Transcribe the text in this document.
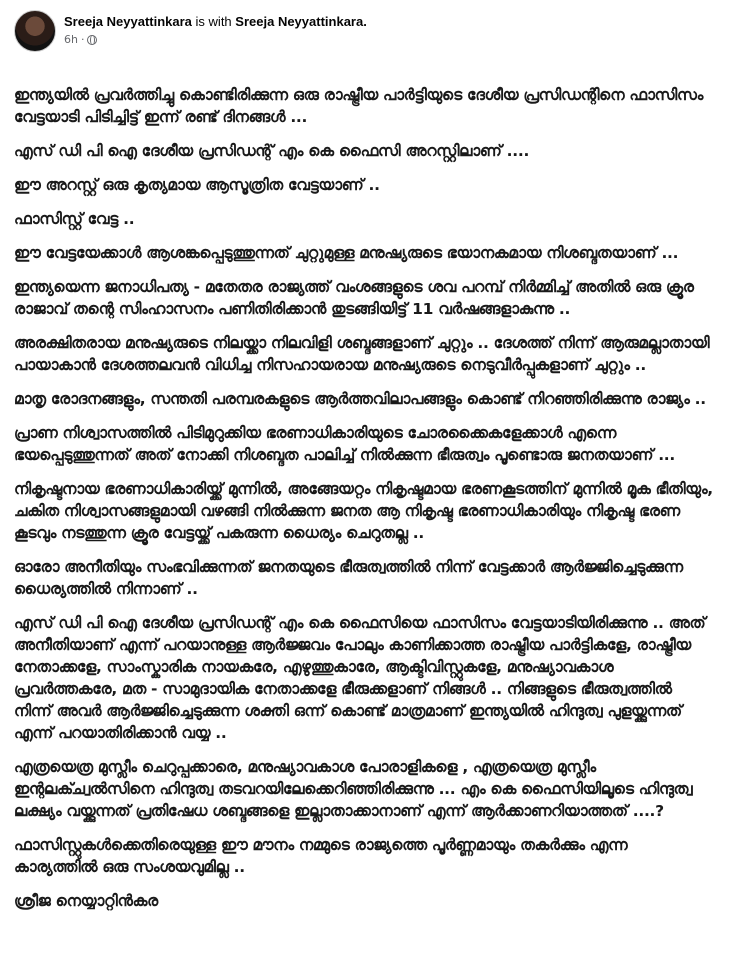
Sreeja Neyyattinkara is with Sreeja Neyyattinkara.
6h ·

ഇന്ത്യയിൽ പ്രവർത്തിച്ചു കൊണ്ടിരിക്കുന്ന ഒരു രാഷ്ട്രീയ പാർട്ടിയുടെ ദേശീയ പ്രസിഡന്റിനെ ഫാസിസം വേട്ടയാടി പിടിച്ചിട്ട് ഇന്ന് രണ്ട് ദിനങ്ങൾ ...

എസ് ഡി പി ഐ ദേശീയ പ്രസിഡന്റ് എം കെ ഫൈസി അറസ്റ്റിലാണ് ....

ഈ അറസ്റ്റ് ഒരു കൃത്യമായ ആസൂത്രിത വേട്ടയാണ് ..

ഫാസിസ്റ്റ് വേട്ട ..

ഈ വേട്ടയേക്കാൾ ആശങ്കപ്പെടുത്തുന്നത് ചുറ്റുമുള്ള മനുഷ്യരുടെ ഭയാനകമായ നിശബ്ദതയാണ് ...

ഇന്ത്യയെന്ന ജനാധിപത്യ - മതേതര രാജ്യത്ത് വംശങ്ങളുടെ ശവ പറമ്പ് നിർമ്മിച്ച് അതിൽ ഒരു ക്രൂര രാജാവ് തന്റെ സിംഹാസനം പണിതിരിക്കാൻ തുടങ്ങിയിട്ട് 11 വർഷങ്ങളാകുന്നു ..

അരക്ഷിതരായ മനുഷ്യരുടെ നിലയ്ക്കാ നിലവിളി ശബ്ദങ്ങളാണ് ചുറ്റും .. ദേശത്ത് നിന്ന് ആരുമല്ലാതായി പായാകാൻ ദേശത്തലവൻ വിധിച്ച നിസഹായരായ മനുഷ്യരുടെ നെടുവീർപ്പുകളാണ് ചുറ്റും ..

മാതൃ രോദനങ്ങളും, സന്തതി പരമ്പരകളുടെ ആർത്തവിലാപങ്ങളും കൊണ്ട് നിറഞ്ഞിരിക്കുന്നു രാജ്യം ..

പ്രാണ നിശ്വാസത്തിൽ പിടിമുറുക്കിയ ഭരണാധികാരിയുടെ ചോരക്കൈകളേക്കാൾ എന്നെ ഭയപ്പെടുത്തുന്നത് അത് നോക്കി നിശബ്ദത പാലിച്ച് നിൽക്കുന്ന ഭീരുത്വം പൂണ്ടൊരു ജനതയാണ് ...

നികൃഷ്ടനായ ഭരണാധികാരിയ്ക്ക് മുന്നിൽ, അങ്ങേയറ്റം നികൃഷ്ടമായ ഭരണകൂടത്തിന് മുന്നിൽ മൂക ഭീതിയും, ചകിത നിശ്വാസങ്ങളുമായി വഴങ്ങി നിൽക്കുന്ന ജനത ആ നികൃഷ്ട ഭരണാധികാരിയും നികൃഷ്ട ഭരണ കൂടവും നടത്തുന്ന ക്രൂര വേട്ടയ്ക്ക് പകരുന്ന ധൈര്യം ചെറുതല്ല ..

ഓരോ അനീതിയും സംഭവിക്കുന്നത് ജനതയുടെ ഭീരുത്വത്തിൽ നിന്ന് വേട്ടക്കാർ ആർജ്ജിച്ചെടുക്കുന്ന ധൈര്യത്തിൽ നിന്നാണ് ..

എസ് ഡി പി ഐ ദേശീയ പ്രസിഡന്റ് എം കെ ഫൈസിയെ ഫാസിസം വേട്ടയാടിയിരിക്കുന്നു .. അത് അനീതിയാണ് എന്ന് പറയാനുള്ള ആർജ്ജവം പോലും കാണിക്കാത്ത രാഷ്ട്രീയ പാർട്ടികളേ, രാഷ്ട്രീയ നേതാക്കളേ, സാംസ്കാരിക നായകരേ, എഴുത്തുകാരേ, ആക്ടിവിസ്റ്റുകളേ, മനുഷ്യാവകാശ പ്രവർത്തകരേ, മത - സാമുദായിക നേതാക്കളേ ഭീരുക്കളാണ് നിങ്ങൾ .. നിങ്ങളുടെ ഭീരുത്വത്തിൽ നിന്ന് അവർ ആർജ്ജിച്ചെടുക്കുന്ന ശക്തി ഒന്ന് കൊണ്ട് മാത്രമാണ് ഇന്ത്യയിൽ ഹിന്ദുത്വ പുളയ്ക്കുന്നത് എന്ന് പറയാതിരിക്കാൻ വയ്യ ..

എത്രയെത്ര മുസ്ലീം ചെറുപ്പക്കാരെ, മനുഷ്യാവകാശ പോരാളികളെ , എത്രയെത്ര മുസ്ലീം ഇന്റലക്ച്വൽസിനെ ഹിന്ദുത്വ തടവറയിലേക്കെറിഞ്ഞിരിക്കുന്നു ... എം കെ ഫൈസിയിലൂടെ ഹിന്ദുത്വ ലക്ഷ്യം വയ്ക്കുന്നത് പ്രതിഷേധ ശബ്ദങ്ങളെ ഇല്ലാതാക്കാനാണ് എന്ന് ആർക്കാണറിയാത്തത് ....?

ഫാസിസ്റ്റുകൾക്കെതിരെയുള്ള ഈ മൗനം നമ്മുടെ രാജ്യത്തെ പൂർണ്ണമായും തകർക്കും എന്ന കാര്യത്തിൽ ഒരു സംശയവുമില്ല ..

ശ്രീജ നെയ്യാറ്റിൻകര
